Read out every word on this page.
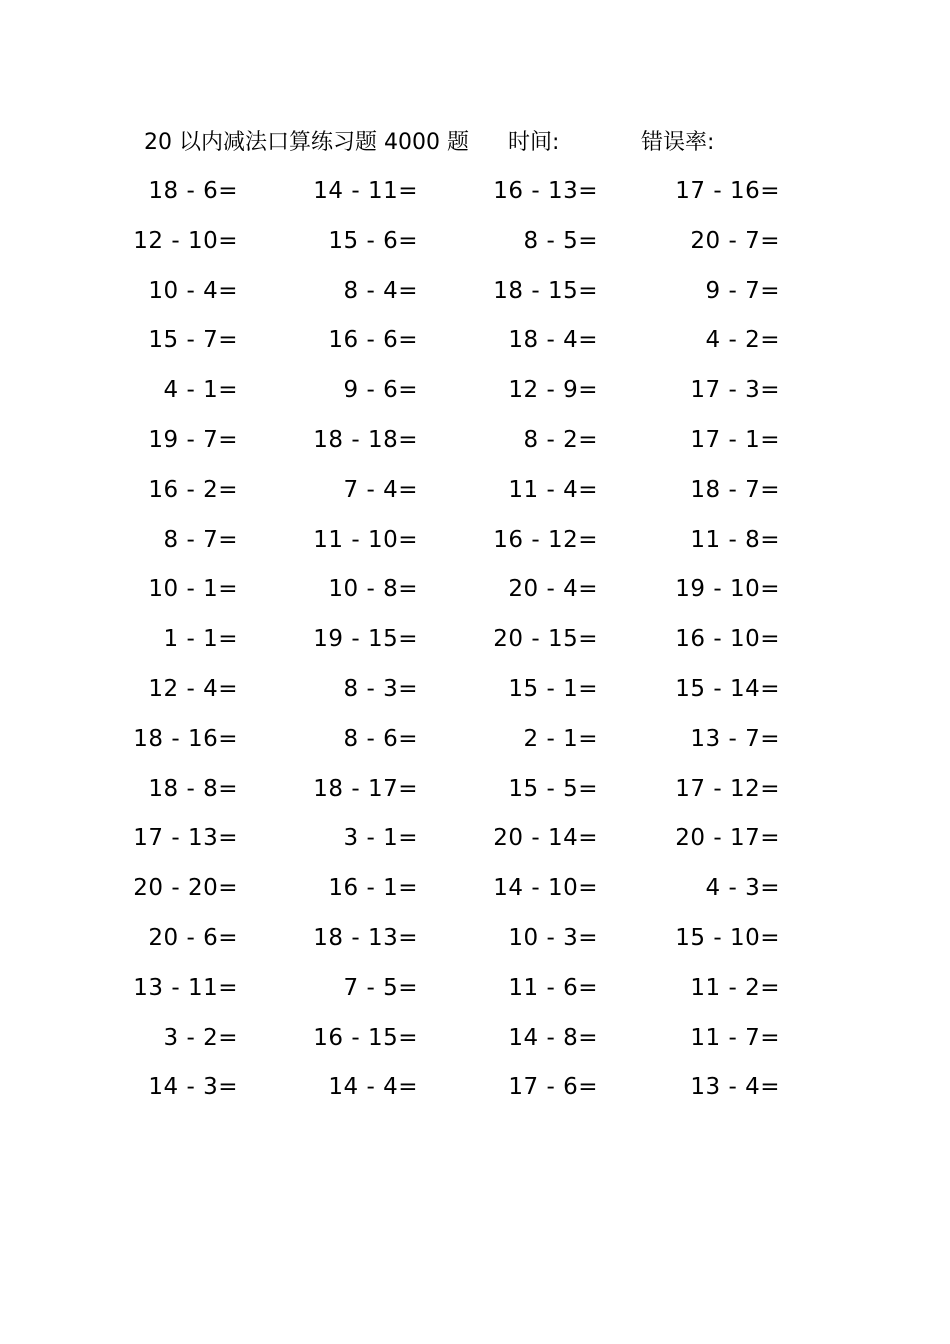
20 以内减法口算练习题 4000 题 时间:	错误率:
18 - 6=	14 - 11=	16 - 13=	17 - 16=
12 - 10=	15 - 6=	8 - 5=	20 - 7=
10 - 4=	8 - 4=	18 - 15=	9 - 7=
15 - 7=	16 - 6=	18 - 4=	4 - 2=
4 - 1=	9 - 6=	12 - 9=	17 - 3=
19 - 7=	18 - 18=	8 - 2=	17 - 1=
16 - 2=	7 - 4=	11 - 4=	18 - 7=
8 - 7=	11 - 10=	16 - 12=	11 - 8=
10 - 1=	10 - 8=	20 - 4=	19 - 10=
1 - 1=	19 - 15=	20 - 15=	16 - 10=
12 - 4=	8 - 3=	15 - 1=	15 - 14=
18 - 16=	8 - 6=	2 - 1=	13 - 7=
18 - 8=	18 - 17=	15 - 5=	17 - 12=
17 - 13=	3 - 1=	20 - 14=	20 - 17=
20 - 20=	16 - 1=	14 - 10=	4 - 3=
20 - 6=	18 - 13=	10 - 3=	15 - 10=
13 - 11=	7 - 5=	11 - 6=	11 - 2=
3 - 2=	16 - 15=	14 - 8=	11 - 7=
14 - 3=	14 - 4=	17 - 6=	13 - 4=
